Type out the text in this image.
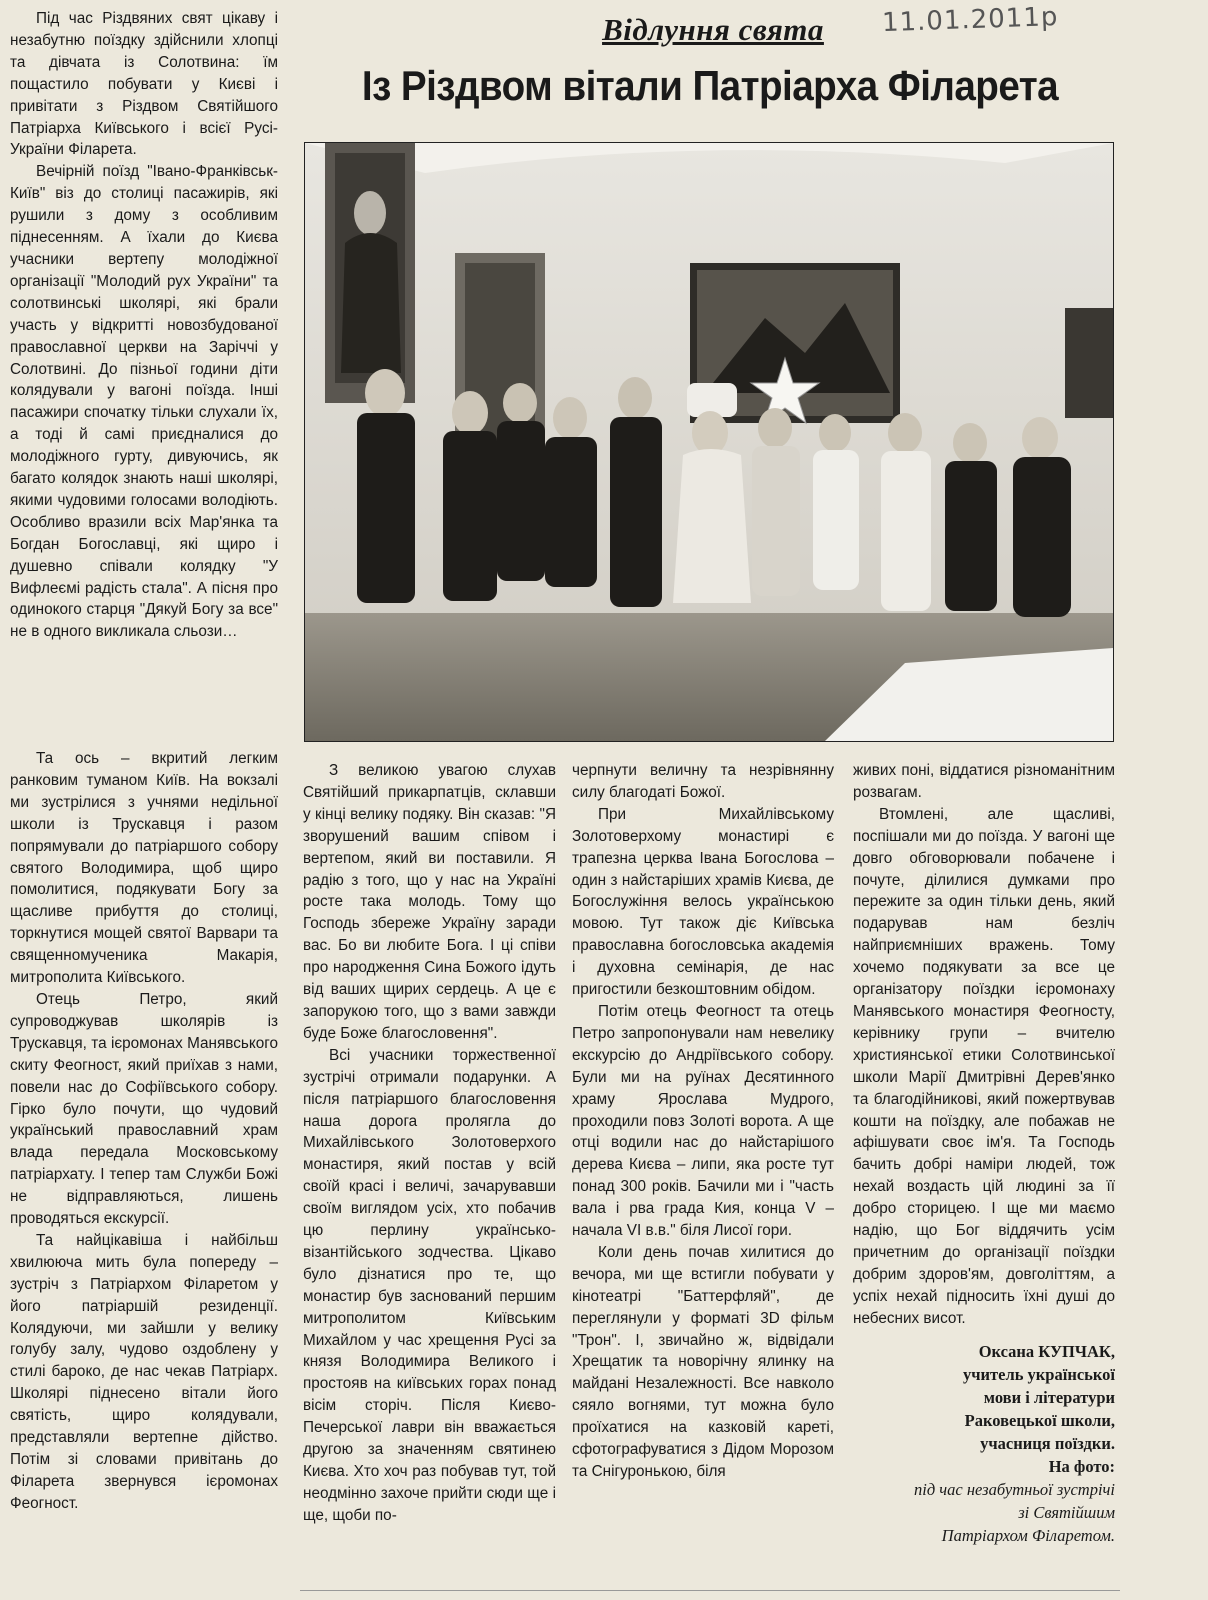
Під час Різдвяних свят цікаву і незабутню поїздку здійснили хлопці та дівчата із Солотвина: їм пощастило побувати у Києві і привітати з Різдвом Святійшого Патріарха Київського і всієї Русі-України Філарета.

Вечірній поїзд "Івано-Франківськ-Київ" віз до столиці пасажирів, які рушили з дому з особливим піднесенням. А їхали до Києва учасники вертепу молодіжної організації "Молодий рух України" та солотвинські школярі, які брали участь у відкритті новозбудованої православної церкви на Заріччі у Солотвині. До пізньої години діти колядували у вагоні поїзда. Інші пасажири спочатку тільки слухали їх, а тоді й самі приєдналися до молодіжного гурту, дивуючись, як багато колядок знають наші школярі, якими чудовими голосами володіють. Особливо вразили всіх Мар'янка та Богдан Богославці, які щиро і душевно співали колядку "У Вифлеємі радість стала". А пісня про одинокого старця "Дякуй Богу за все" не в одного викликала сльози…

Та ось – вкритий легким ранковим туманом Київ. На вокзалі ми зустрілися з учнями недільної школи із Трускавця і разом попрямували до патріаршого собору святого Володимира, щоб щиро помолитися, подякувати Богу за щасливе прибуття до столиці, торкнутися мощей святої Варвари та священномученика Макарія, митрополита Київського.

Отець Петро, який супроводжував школярів із Трускавця, та ієромонах Манявського скиту Феогност, який приїхав з нами, повели нас до Софіївського собору. Гірко було почути, що чудовий український православний храм влада передала Московському патріархату. І тепер там Служби Божі не відправляються, лишень проводяться екскурсії.

Та найцікавіша і найбільш хвилююча мить була попереду – зустріч з Патріархом Філаретом у його патріаршій резиденції. Колядуючи, ми зайшли у велику голубу залу, чудово оздоблену у стилі бароко, де нас чекав Патріарх. Школярі піднесено вітали його святість, щиро колядували, представляли вертепне дійство. Потім зі словами привітань до Філарета звернувся ієромонах Феогност.

Відлуння свята	11.01.2011р
Із Різдвом вітали Патріарха Філарета

З великою увагою слухав Святійший прикарпатців, склавши у кінці велику подяку. Він сказав: "Я зворушений вашим співом і вертепом, який ви поставили. Я радію з того, що у нас на Україні росте така молодь. Тому що Господь збереже Україну заради вас. Бо ви любите Бога. І ці співи про народження Сина Божого ідуть від ваших щирих сердець. А це є запорукою того, що з вами завжди буде Боже благословення".

Всі учасники торжественної зустрічі отримали подарунки. А після патріаршого благословення наша дорога пролягла до Михайлівського Золотоверхого монастиря, який постав у всій своїй красі і величі, зачарувавши своїм виглядом усіх, хто побачив цю перлину українсько-візантійського зодчества. Цікаво було дізнатися про те, що монастир був заснований першим митрополитом Київським Михайлом у час хрещення Русі за князя Володимира Великого і простояв на київських горах понад вісім сторіч. Після Києво-Печерської лаври він вважається другою за значенням святинею Києва. Хто хоч раз побував тут, той неодмінно захоче прийти сюди ще і ще, щоби по-

черпнути величну та незрівнянну силу благодаті Божої.

При Михайлівському Золотоверхому монастирі є трапезна церква Івана Богослова – один з найстаріших храмів Києва, де Богослужіння велось українською мовою. Тут також діє Київська православна богословська академія і духовна семінарія, де нас пригостили безкоштовним обідом.

Потім отець Феогност та отець Петро запропонували нам невелику екскурсію до Андріївського собору. Були ми на руїнах Десятинного храму Ярослава Мудрого, проходили повз Золоті ворота. А ще отці водили нас до найстарішого дерева Києва – липи, яка росте тут понад 300 років. Бачили ми і "часть вала і рва града Кия, конца V – начала VI в.в." біля Лисої гори.

Коли день почав хилитися до вечора, ми ще встигли побувати у кінотеатрі "Баттерфляй", де переглянули у форматі 3D фільм "Трон". І, звичайно ж, відвідали Хрещатик та новорічну ялинку на майдані Незалежності. Все навколо сяяло вогнями, тут можна було проїхатися на казковій кареті, сфотографуватися з Дідом Морозом та Снігуронькою, біля

живих поні, віддатися різноманітним розвагам.

Втомлені, але щасливі, поспішали ми до поїзда. У вагоні ще довго обговорювали побачене і почуте, ділилися думками про пережите за один тільки день, який подарував нам безліч найприємніших вражень. Тому хочемо подякувати за все це організатору поїздки ієромонаху Манявського монастиря Феогносту, керівнику групи – вчителю християнської етики Солотвинської школи Марії Дмитрівні Дерев'янко та благодійникові, який пожертвував кошти на поїздку, але побажав не афішувати своє ім'я. Та Господь бачить добрі наміри людей, тож нехай воздасть цій людині за її добро сторицею. І ще ми маємо надію, що Бог віддячить усім причетним до організації поїздки добрим здоров'ям, довголіттям, а успіх нехай підносить їхні душі до небесних висот.

Оксана КУПЧАК,
учитель української
мови і літератури
Раковецької школи,
учасниця поїздки.
На фото:
під час незабутньої зустрічі
зі Святійшим
Патріархом Філаретом.
